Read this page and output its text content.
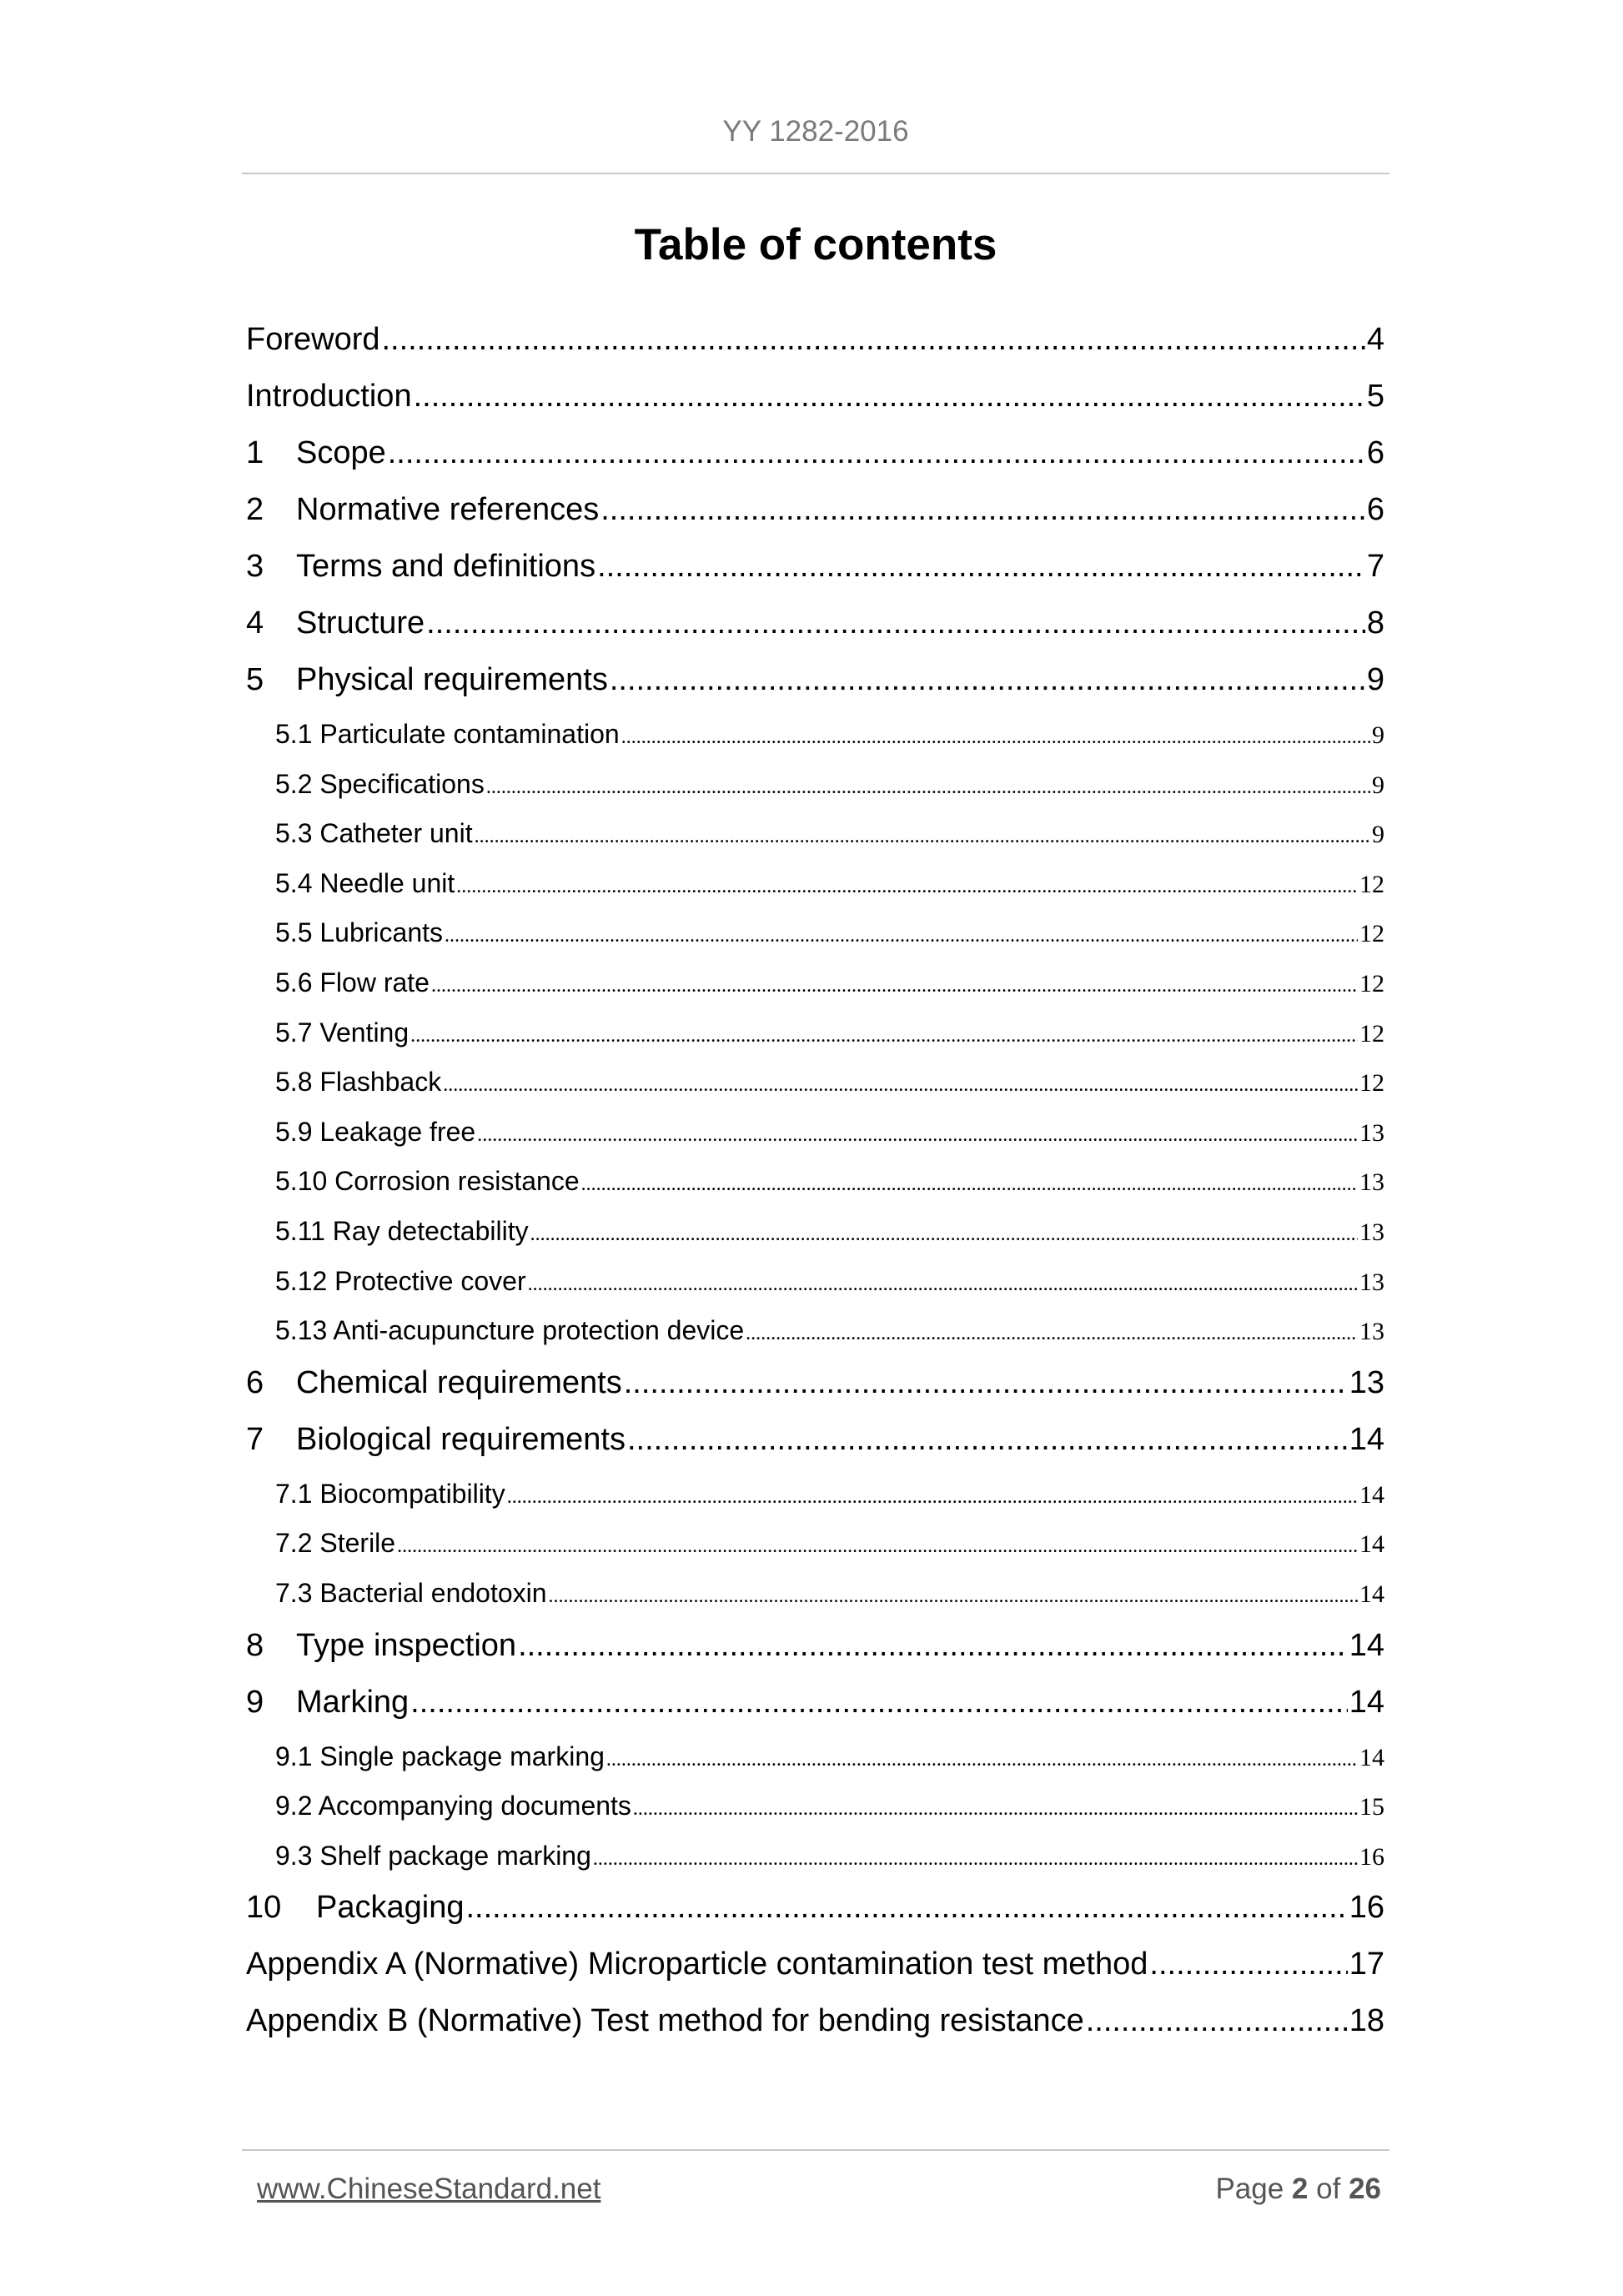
YY 1282-2016
Table of contents
Foreword .....	4
Introduction .....	5
1	Scope .....	6
2	Normative references .....	6
3	Terms and definitions .....	7
4	Structure .....	8
5	Physical requirements .....	9
5.1 Particulate contamination .....	9
5.2 Specifications .....	9
5.3 Catheter unit .....	9
5.4 Needle unit .....	12
5.5 Lubricants .....	12
5.6 Flow rate .....	12
5.7 Venting .....	12
5.8 Flashback .....	12
5.9 Leakage free .....	13
5.10 Corrosion resistance .....	13
5.11 Ray detectability .....	13
5.12 Protective cover .....	13
5.13 Anti-acupuncture protection device .....	13
6	Chemical requirements .....	13
7	Biological requirements .....	14
7.1 Biocompatibility .....	14
7.2 Sterile .....	14
7.3 Bacterial endotoxin .....	14
8	Type inspection .....	14
9	Marking .....	14
9.1 Single package marking .....	14
9.2 Accompanying documents .....	15
9.3 Shelf package marking .....	16
10	Packaging .....	16
Appendix A (Normative) Microparticle contamination test method .....	17
Appendix B (Normative) Test method for bending resistance .....	18
www.ChineseStandard.net	Page 2 of 26
